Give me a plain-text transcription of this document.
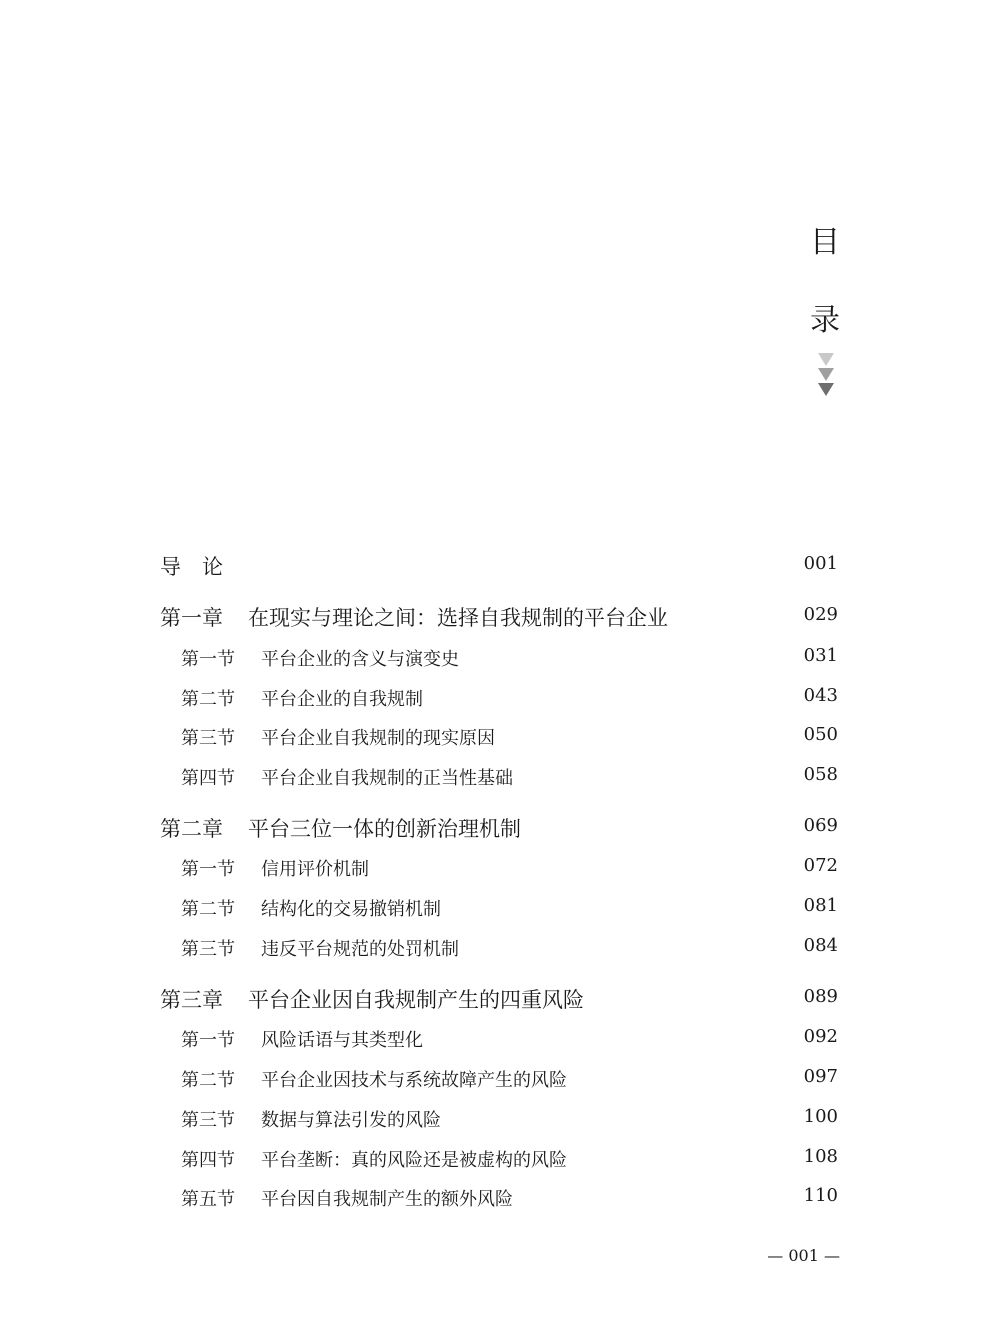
目
录
导论	001
第一章 在现实与理论之间：选择自我规制的平台企业	029
第一节 平台企业的含义与演变史	031
第二节 平台企业的自我规制	043
第三节 平台企业自我规制的现实原因	050
第四节 平台企业自我规制的正当性基础	058
第二章 平台三位一体的创新治理机制	069
第一节 信用评价机制	072
第二节 结构化的交易撤销机制	081
第三节 违反平台规范的处罚机制	084
第三章 平台企业因自我规制产生的四重风险	089
第一节 风险话语与其类型化	092
第二节 平台企业因技术与系统故障产生的风险	097
第三节 数据与算法引发的风险	100
第四节 平台垄断：真的风险还是被虚构的风险	108
第五节 平台因自我规制产生的额外风险	110
— 001 —
